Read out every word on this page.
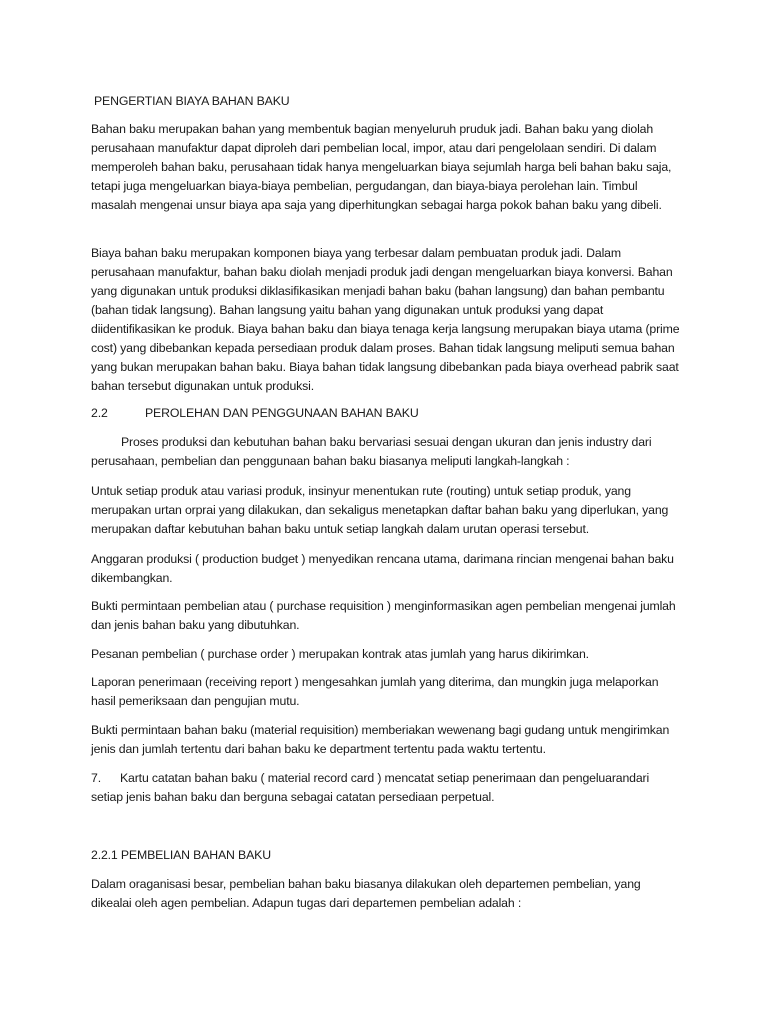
PENGERTIAN BIAYA BAHAN BAKU

Bahan baku merupakan bahan yang membentuk bagian menyeluruh pruduk jadi. Bahan baku yang diolah perusahaan manufaktur dapat diproleh dari pembelian local, impor, atau dari pengelolaan sendiri. Di dalam memperoleh bahan baku, perusahaan tidak hanya mengeluarkan biaya sejumlah harga beli bahan baku saja, tetapi juga mengeluarkan biaya-biaya pembelian, pergudangan, dan biaya-biaya perolehan lain. Timbul masalah mengenai unsur biaya apa saja yang diperhitungkan sebagai harga pokok bahan baku yang dibeli.

Biaya bahan baku merupakan komponen biaya yang terbesar dalam pembuatan produk jadi. Dalam perusahaan manufaktur, bahan baku diolah menjadi produk jadi dengan mengeluarkan biaya konversi. Bahan yang digunakan untuk produksi diklasifikasikan menjadi bahan baku (bahan langsung) dan bahan pembantu (bahan tidak langsung). Bahan langsung yaitu bahan yang digunakan untuk produksi yang dapat diidentifikasikan ke produk. Biaya bahan baku dan biaya tenaga kerja langsung merupakan biaya utama (prime cost) yang dibebankan kepada persediaan produk dalam proses. Bahan tidak langsung meliputi semua bahan yang bukan merupakan bahan baku. Biaya bahan tidak langsung dibebankan pada biaya overhead pabrik saat bahan tersebut digunakan untuk produksi.

2.2	PEROLEHAN DAN PENGGUNAAN BAHAN BAKU

Proses produksi dan kebutuhan bahan baku bervariasi sesuai dengan ukuran dan jenis industry dari perusahaan, pembelian dan penggunaan bahan baku biasanya meliputi langkah-langkah :

Untuk setiap produk atau variasi produk, insinyur menentukan rute (routing) untuk setiap produk, yang merupakan urtan orprai yang dilakukan, dan sekaligus menetapkan daftar bahan baku yang diperlukan, yang merupakan daftar kebutuhan bahan baku untuk setiap langkah dalam urutan operasi tersebut.

Anggaran produksi ( production budget ) menyedikan rencana utama, darimana rincian mengenai bahan baku dikembangkan.

Bukti permintaan pembelian atau ( purchase requisition ) menginformasikan agen pembelian mengenai jumlah dan jenis bahan baku yang dibutuhkan.

Pesanan pembelian ( purchase order ) merupakan kontrak atas jumlah yang harus dikirimkan.

Laporan penerimaan (receiving report ) mengesahkan jumlah yang diterima, dan mungkin juga melaporkan hasil pemeriksaan dan pengujian mutu.

Bukti permintaan bahan baku (material requisition) memberiakan wewenang bagi gudang untuk mengirimkan jenis dan jumlah tertentu dari bahan baku ke department tertentu pada waktu tertentu.

7. Kartu catatan bahan baku ( material record card ) mencatat setiap penerimaan dan pengeluarandari setiap jenis bahan baku dan berguna sebagai catatan persediaan perpetual.

2.2.1 PEMBELIAN BAHAN BAKU

Dalam oraganisasi besar, pembelian bahan baku biasanya dilakukan oleh departemen pembelian, yang dikealai oleh agen pembelian. Adapun tugas dari departemen pembelian adalah :
